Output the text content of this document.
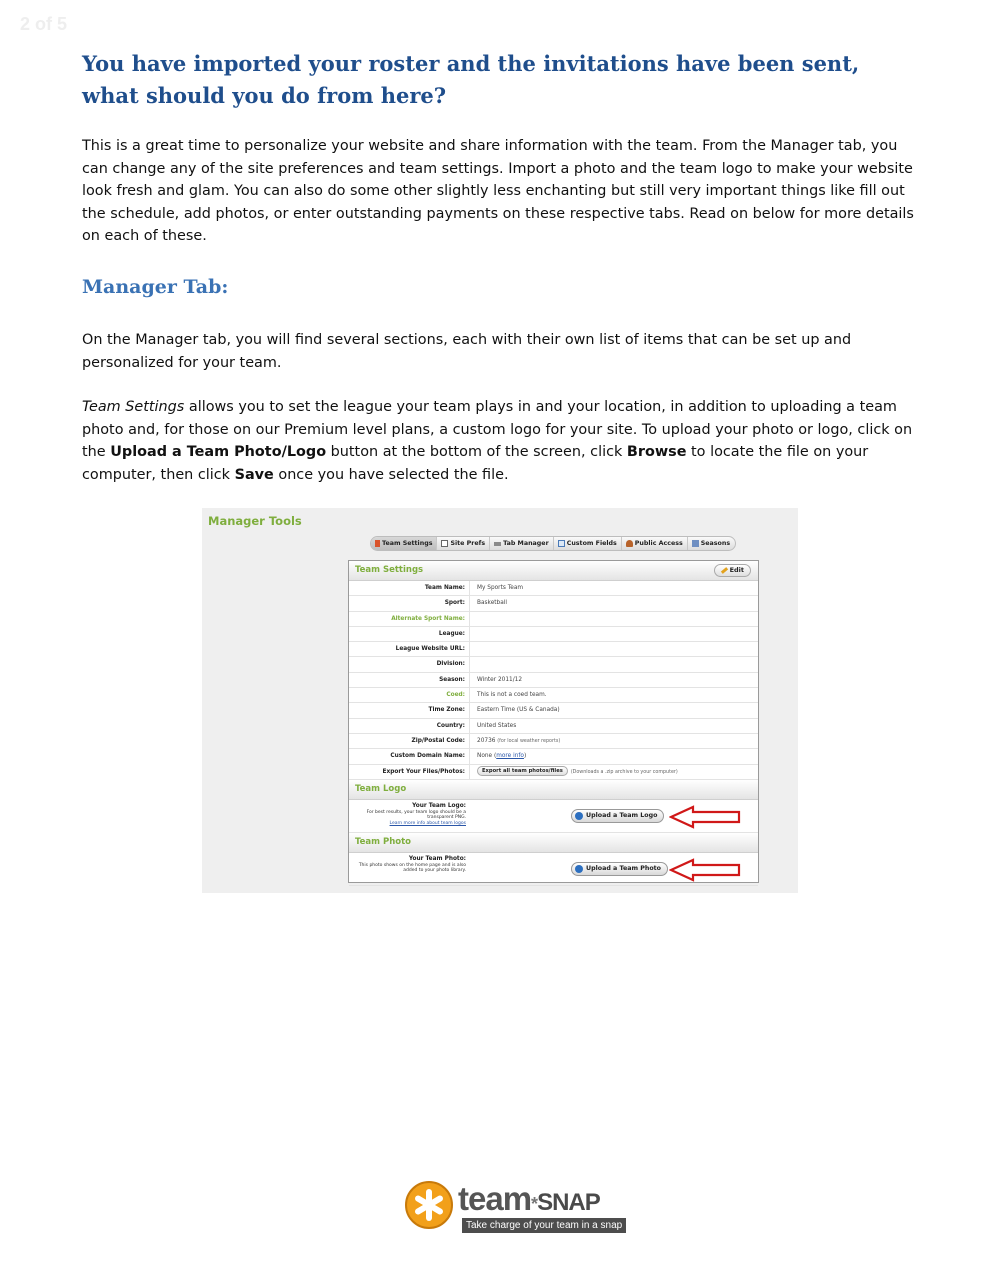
2 of 5
You have imported your roster and the invitations have been sent, what should you do from here?

This is a great time to personalize your website and share information with the team. From the Manager tab, you can change any of the site preferences and team settings. Import a photo and the team logo to make your website look fresh and glam. You can also do some other slightly less enchanting but still very important things like fill out the schedule, add photos, or enter outstanding payments on these respective tabs. Read on below for more details on each of these.

Manager Tab:

On the Manager tab, you will find several sections, each with their own list of items that can be set up and personalized for your team.

Team Settings allows you to set the league your team plays in and your location, in addition to uploading a team photo and, for those on our Premium level plans, a custom logo for your site. To upload your photo or logo, click on the Upload a Team Photo/Logo button at the bottom of the screen, click Browse to locate the file on your computer, then click Save once you have selected the file.

Manager Tools
Team Settings	Site Prefs	Tab Manager	Custom Fields	Public Access	Seasons
Team Settings	Edit
Team Name:	My Sports Team
Sport:	Basketball
Alternate Sport Name:
League:
League Website URL:
Division:
Season:	Winter 2011/12
Coed:	This is not a coed team.
Time Zone:	Eastern Time (US & Canada)
Country:	United States
Zip/Postal Code:	20736 (for local weather reports)
Custom Domain Name:	None (more info)
Export Your Files/Photos:	Export all team photos/files (Downloads a .zip archive to your computer)
Team Logo
Your Team Logo:
For best results, your team logo should be a transparent PNG.
Learn more info about team logos
Upload a Team Logo
Team Photo
Your Team Photo:
This photo shows on the home page and is also added to your photo library.	Upload a Team Photo
team*SNAP
Take charge of your team in a snap
